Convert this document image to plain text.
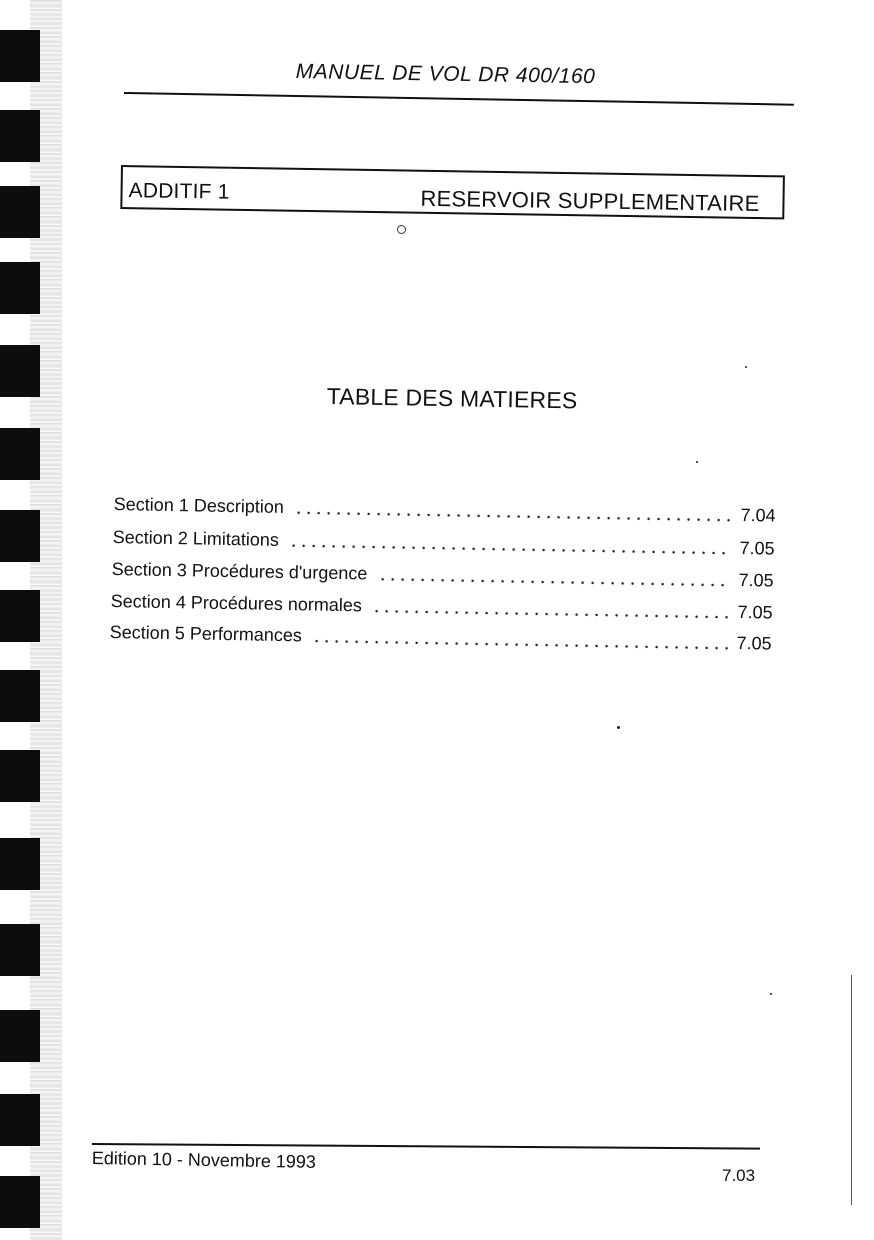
MANUEL DE VOL DR 400/160
ADDITIF 1	RESERVOIR SUPPLEMENTAIRE
TABLE DES MATIERES
Section 1 Description	7.04
Section 2 Limitations	7.05
Section 3 Procédures d'urgence	7.05
Section 4 Procédures normales	7.05
Section 5 Performances	7.05
Edition 10 - Novembre 1993
7.03
